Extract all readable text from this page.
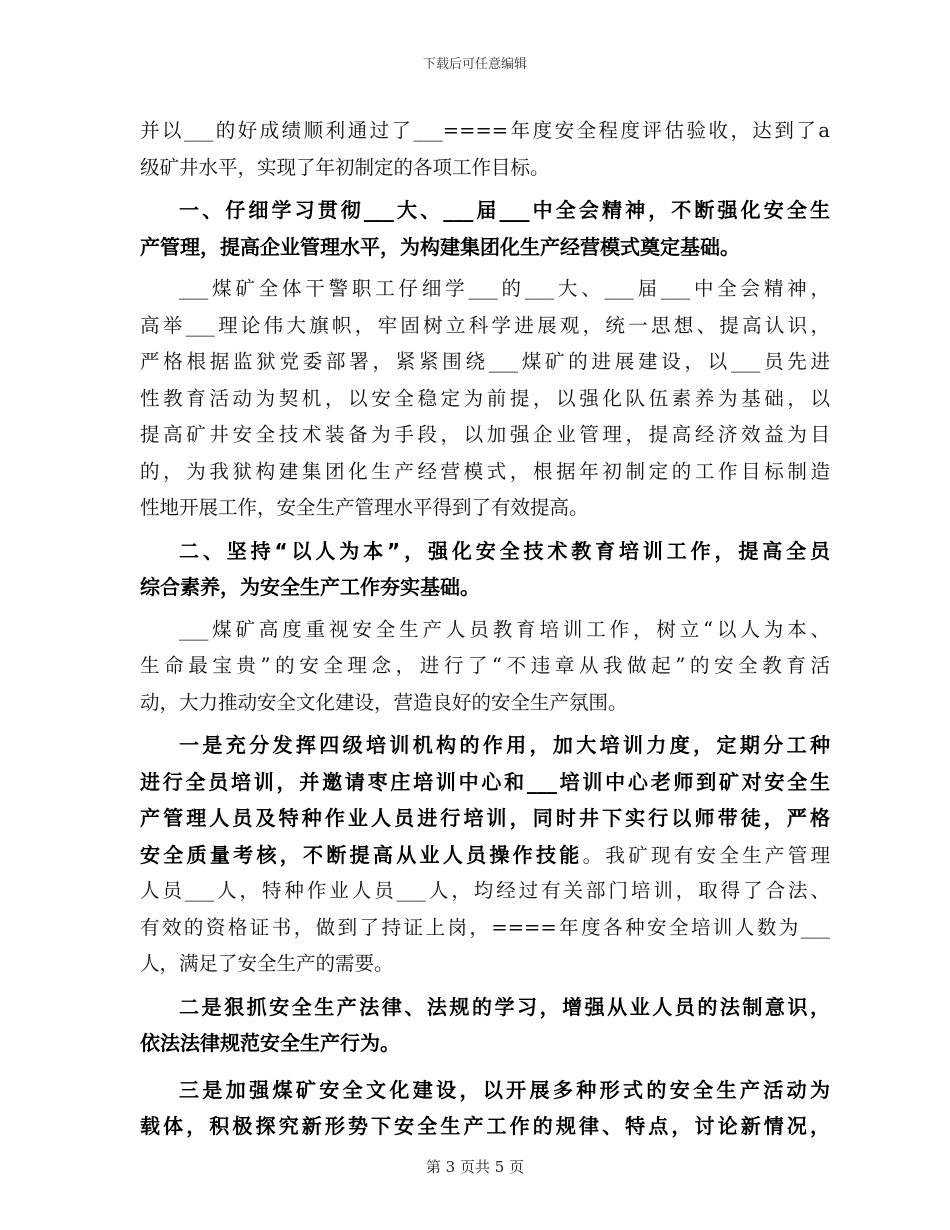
下载后可任意编辑
并以___的好成绩顺利通过了___====年度安全程度评估验收，达到了a
级矿井水平，实现了年初制定的各项工作目标。
一、仔细学习贯彻___大、___届___中全会精神，不断强化安全生
产管理，提高企业管理水平，为构建集团化生产经营模式奠定基础。
___煤矿全体干警职工仔细学___的___大、___届___中全会精神，
高举___理论伟大旗帜，牢固树立科学进展观，统一思想、提高认识，
严格根据监狱党委部署，紧紧围绕___煤矿的进展建设，以___员先进
性教育活动为契机，以安全稳定为前提，以强化队伍素养为基础，以
提高矿井安全技术装备为手段，以加强企业管理，提高经济效益为目
的，为我狱构建集团化生产经营模式，根据年初制定的工作目标制造
性地开展工作，安全生产管理水平得到了有效提高。
二、坚持“以人为本”，强化安全技术教育培训工作，提高全员
综合素养，为安全生产工作夯实基础。
___煤矿高度重视安全生产人员教育培训工作，树立“以人为本、
生命最宝贵”的安全理念，进行了“不违章从我做起”的安全教育活
动，大力推动安全文化建设，营造良好的安全生产氛围。
一是充分发挥四级培训机构的作用，加大培训力度，定期分工种
进行全员培训，并邀请枣庄培训中心和___培训中心老师到矿对安全生
产管理人员及特种作业人员进行培训，同时井下实行以师带徒，严格
安全质量考核，不断提高从业人员操作技能。我矿现有安全生产管理
人员___人，特种作业人员___人，均经过有关部门培训，取得了合法、
有效的资格证书，做到了持证上岗，====年度各种安全培训人数为___
人，满足了安全生产的需要。
二是狠抓安全生产法律、法规的学习，增强从业人员的法制意识，
依法法律规范安全生产行为。
三是加强煤矿安全文化建设，以开展多种形式的安全生产活动为
载体，积极探究新形势下安全生产工作的规律、特点，讨论新情况，
第 3 页共 5 页
